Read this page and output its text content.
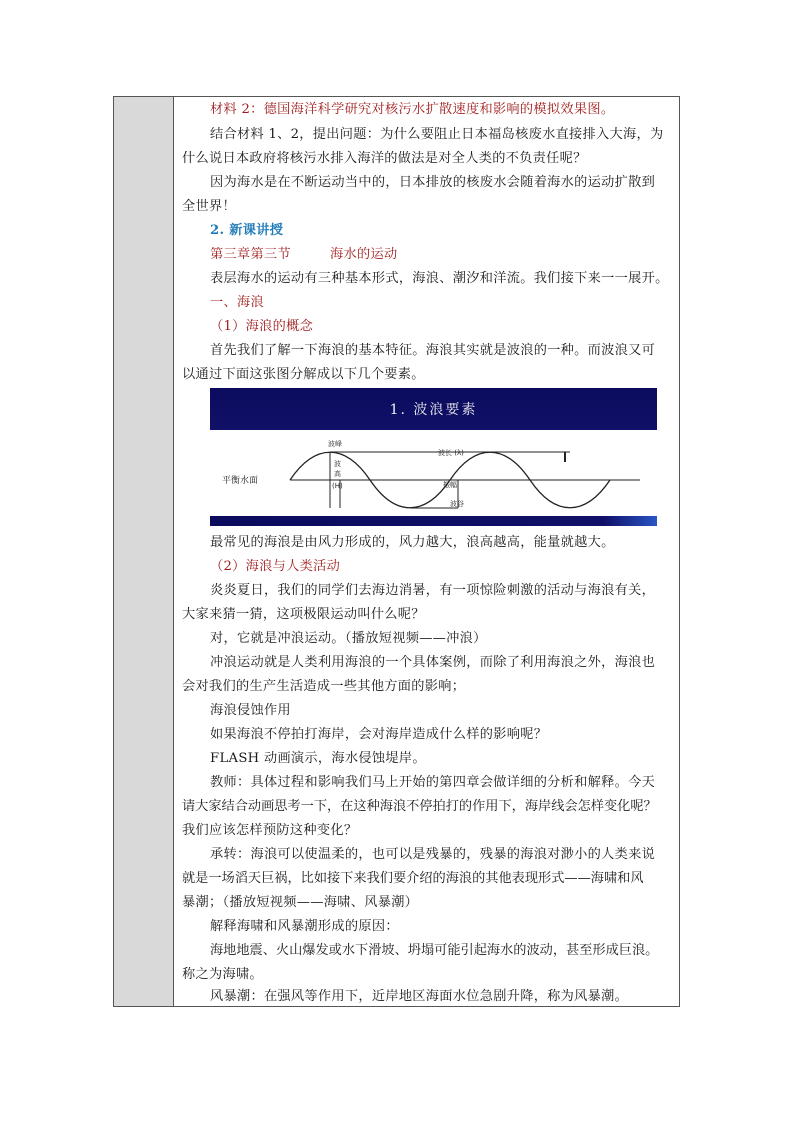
材料 2：德国海洋科学研究对核污水扩散速度和影响的模拟效果图。
结合材料 1、2，提出问题：为什么要阻止日本福岛核废水直接排入大海，为
什么说日本政府将核污水排入海洋的做法是对全人类的不负责任呢？
因为海水是在不断运动当中的，日本排放的核废水会随着海水的运动扩散到
全世界！
2. 新课讲授
第三章第三节	海水的运动
表层海水的运动有三种基本形式，海浪、潮汐和洋流。我们接下来一一展开。
一、海浪
（1）海浪的概念
首先我们了解一下海浪的基本特征。海浪其实就是波浪的一种。而波浪又可
以通过下面这张图分解成以下几个要素。
1. 波浪要素
平衡水面
波峰
波长 (λ)
波
高
(H)	振幅
波谷
最常见的海浪是由风力形成的，风力越大，浪高越高，能量就越大。
（2）海浪与人类活动
炎炎夏日，我们的同学们去海边消暑，有一项惊险刺激的活动与海浪有关，
大家来猜一猜，这项极限运动叫什么呢？
对，它就是冲浪运动。（播放短视频——冲浪）
冲浪运动就是人类利用海浪的一个具体案例，而除了利用海浪之外，海浪也
会对我们的生产生活造成一些其他方面的影响；
海浪侵蚀作用
如果海浪不停拍打海岸，会对海岸造成什么样的影响呢？
FLASH 动画演示，海水侵蚀堤岸。
教师：具体过程和影响我们马上开始的第四章会做详细的分析和解释。今天
请大家结合动画思考一下，在这种海浪不停拍打的作用下，海岸线会怎样变化呢？
我们应该怎样预防这种变化？
承转：海浪可以使温柔的，也可以是残暴的，残暴的海浪对渺小的人类来说
就是一场滔天巨祸，比如接下来我们要介绍的海浪的其他表现形式——海啸和风
暴潮；（播放短视频——海啸、风暴潮）
解释海啸和风暴潮形成的原因：
海地地震、火山爆发或水下滑坡、坍塌可能引起海水的波动，甚至形成巨浪。
称之为海啸。
风暴潮：在强风等作用下，近岸地区海面水位急剧升降，称为风暴潮。
